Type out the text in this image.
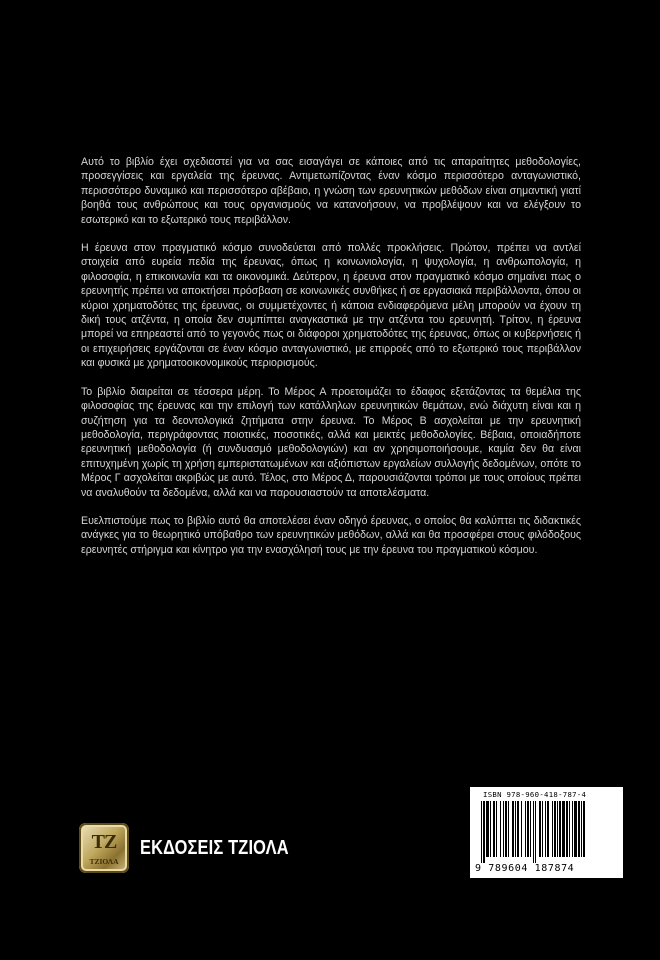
Αυτό το βιβλίο έχει σχεδιαστεί για να σας εισαγάγει σε κάποιες από τις απαραίτητες μεθοδολογίες, προσεγγίσεις και εργαλεία της έρευνας. Αντιμετωπίζοντας έναν κόσμο περισσότερο ανταγωνιστικό, περισσότερο δυναμικό και περισσότερο αβέβαιο, η γνώση των ερευνητικών μεθόδων είναι σημαντική γιατί βοηθά τους ανθρώπους και τους οργανισμούς να κατανοήσουν, να προβλέψουν και να ελέγξουν το εσωτερικό και το εξωτερικό τους περιβάλλον.

Η έρευνα στον πραγματικό κόσμο συνοδεύεται από πολλές προκλήσεις. Πρώτον, πρέπει να αντλεί στοιχεία από ευρεία πεδία της έρευνας, όπως η κοινωνιολογία, η ψυχολογία, η ανθρωπολογία, η φιλοσοφία, η επικοινωνία και τα οικονομικά. Δεύτερον, η έρευνα στον πραγματικό κόσμο σημαίνει πως ο ερευνητής πρέπει να αποκτήσει πρόσβαση σε κοινωνικές συνθήκες ή σε εργασιακά περιβάλλοντα, όπου οι κύριοι χρηματοδότες της έρευνας, οι συμμετέχοντες ή κάποια ενδιαφερόμενα μέλη μπορούν να έχουν τη δική τους ατζέντα, η οποία δεν συμπίπτει αναγκαστικά με την ατζέντα του ερευνητή. Τρίτον, η έρευνα μπορεί να επηρεαστεί από το γεγονός πως οι διάφοροι χρηματοδότες της έρευνας, όπως οι κυβερνήσεις ή οι επιχειρήσεις εργάζονται σε έναν κόσμο ανταγωνιστικό, με επιρροές από το εξωτερικό τους περιβάλλον και φυσικά με χρηματοοικονομικούς περιορισμούς.

Το βιβλίο διαιρείται σε τέσσερα μέρη. Το Μέρος Α προετοιμάζει το έδαφος εξετάζοντας τα θεμέλια της φιλοσοφίας της έρευνας και την επιλογή των κατάλληλων ερευνητικών θεμάτων, ενώ διάχυτη είναι και η συζήτηση για τα δεοντολογικά ζητήματα στην έρευνα. Το Μέρος Β ασχολείται με την ερευνητική μεθοδολογία, περιγράφοντας ποιοτικές, ποσοτικές, αλλά και μεικτές μεθοδολογίες. Βέβαια, οποιαδήποτε ερευνητική μεθοδολογία (ή συνδυασμό μεθοδολογιών) και αν χρησιμοποιήσουμε, καμία δεν θα είναι επιτυχημένη χωρίς τη χρήση εμπεριστατωμένων και αξιόπιστων εργαλείων συλλογής δεδομένων, οπότε το Μέρος Γ ασχολείται ακριβώς με αυτό. Τέλος, στο Μέρος Δ, παρουσιάζονται τρόποι με τους οποίους πρέπει να αναλυθούν τα δεδομένα, αλλά και να παρουσιαστούν τα αποτελέσματα.

Ευελπιστούμε πως το βιβλίο αυτό θα αποτελέσει έναν οδηγό έρευνας, ο οποίος θα καλύπτει τις διδακτικές ανάγκες για το θεωρητικό υπόβαθρο των ερευνητικών μεθόδων, αλλά και θα προσφέρει στους φιλόδοξους ερευνητές στήριγμα και κίνητρο για την ενασχόλησή τους με την έρευνα του πραγματικού κόσμου.

ΤΖ
ΤΖΙΟΛΑ
ΕΚΔΟΣΕΙΣ ΤΖΙΟΛΑ
ISBN 978-960-418-787-4
9 789604 187874
